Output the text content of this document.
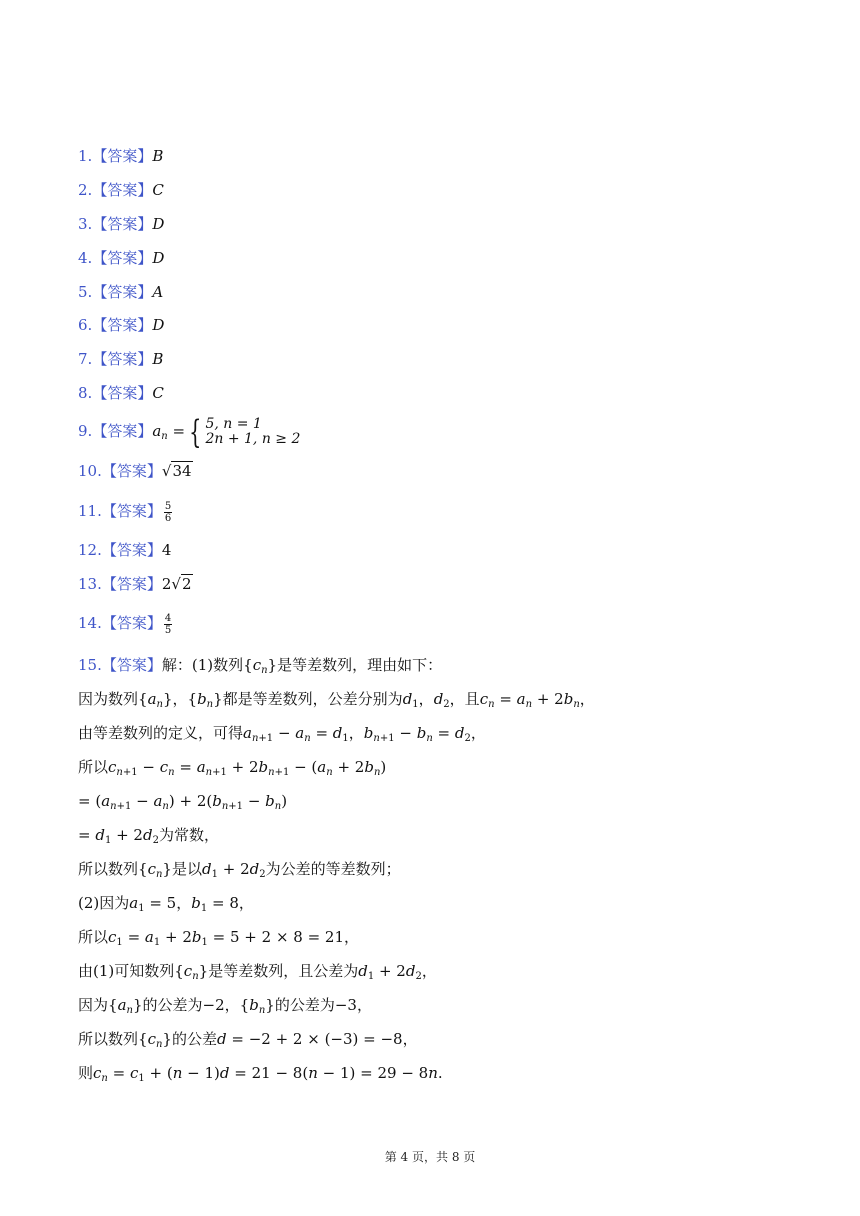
1.【答案】B
2.【答案】C
3.【答案】D
4.【答案】D
5.【答案】A
6.【答案】D
7.【答案】B
8.【答案】C
9.【答案】$a_n$ = { 5, n = 1
2n + 1, n ≥ 2
10.【答案】√34
11.【答案】 $\frac{5}{6}$
12.【答案】4
13.【答案】2√2
14.【答案】 $\frac{4}{5}$
15.【答案】解：(1)数列$\{c_n\}$是等差数列，理由如下：
因为数列$\{a_n\}$，$\{b_n\}$都是等差数列，公差分别为$d_1$，$d_2$，且$c_n = a_n + 2b_n$，
由等差数列的定义，可得$a_{n+1} - a_n = d_1$，$b_{n+1} - b_n = d_2$，
所以$c_{n+1} - c_n = a_{n+1} + 2b_{n+1} - (a_n + 2b_n)$
= $(a_{n+1} - a_n) + 2(b_{n+1} - b_n)$
= $d_1 + 2d_2$为常数，
所以数列$\{c_n\}$是以$d_1 + 2d_2$为公差的等差数列；
(2)因为$a_1 = 5$，$b_1 = 8$，
所以$c_1 = a_1 + 2b_1 = 5 + 2 \times 8 = 21$，
由(1)可知数列$\{c_n\}$是等差数列，且公差为$d_1 + 2d_2$，
因为$\{a_n\}$的公差为−2，$\{b_n\}$的公差为−3，
所以数列$\{c_n\}$的公差d = −2 + 2 × (−3) = −8，
则$c_n = c_1 + (n - 1)d = 21 - 8(n - 1) = 29 - 8n$.
第 4 页，共 8 页
